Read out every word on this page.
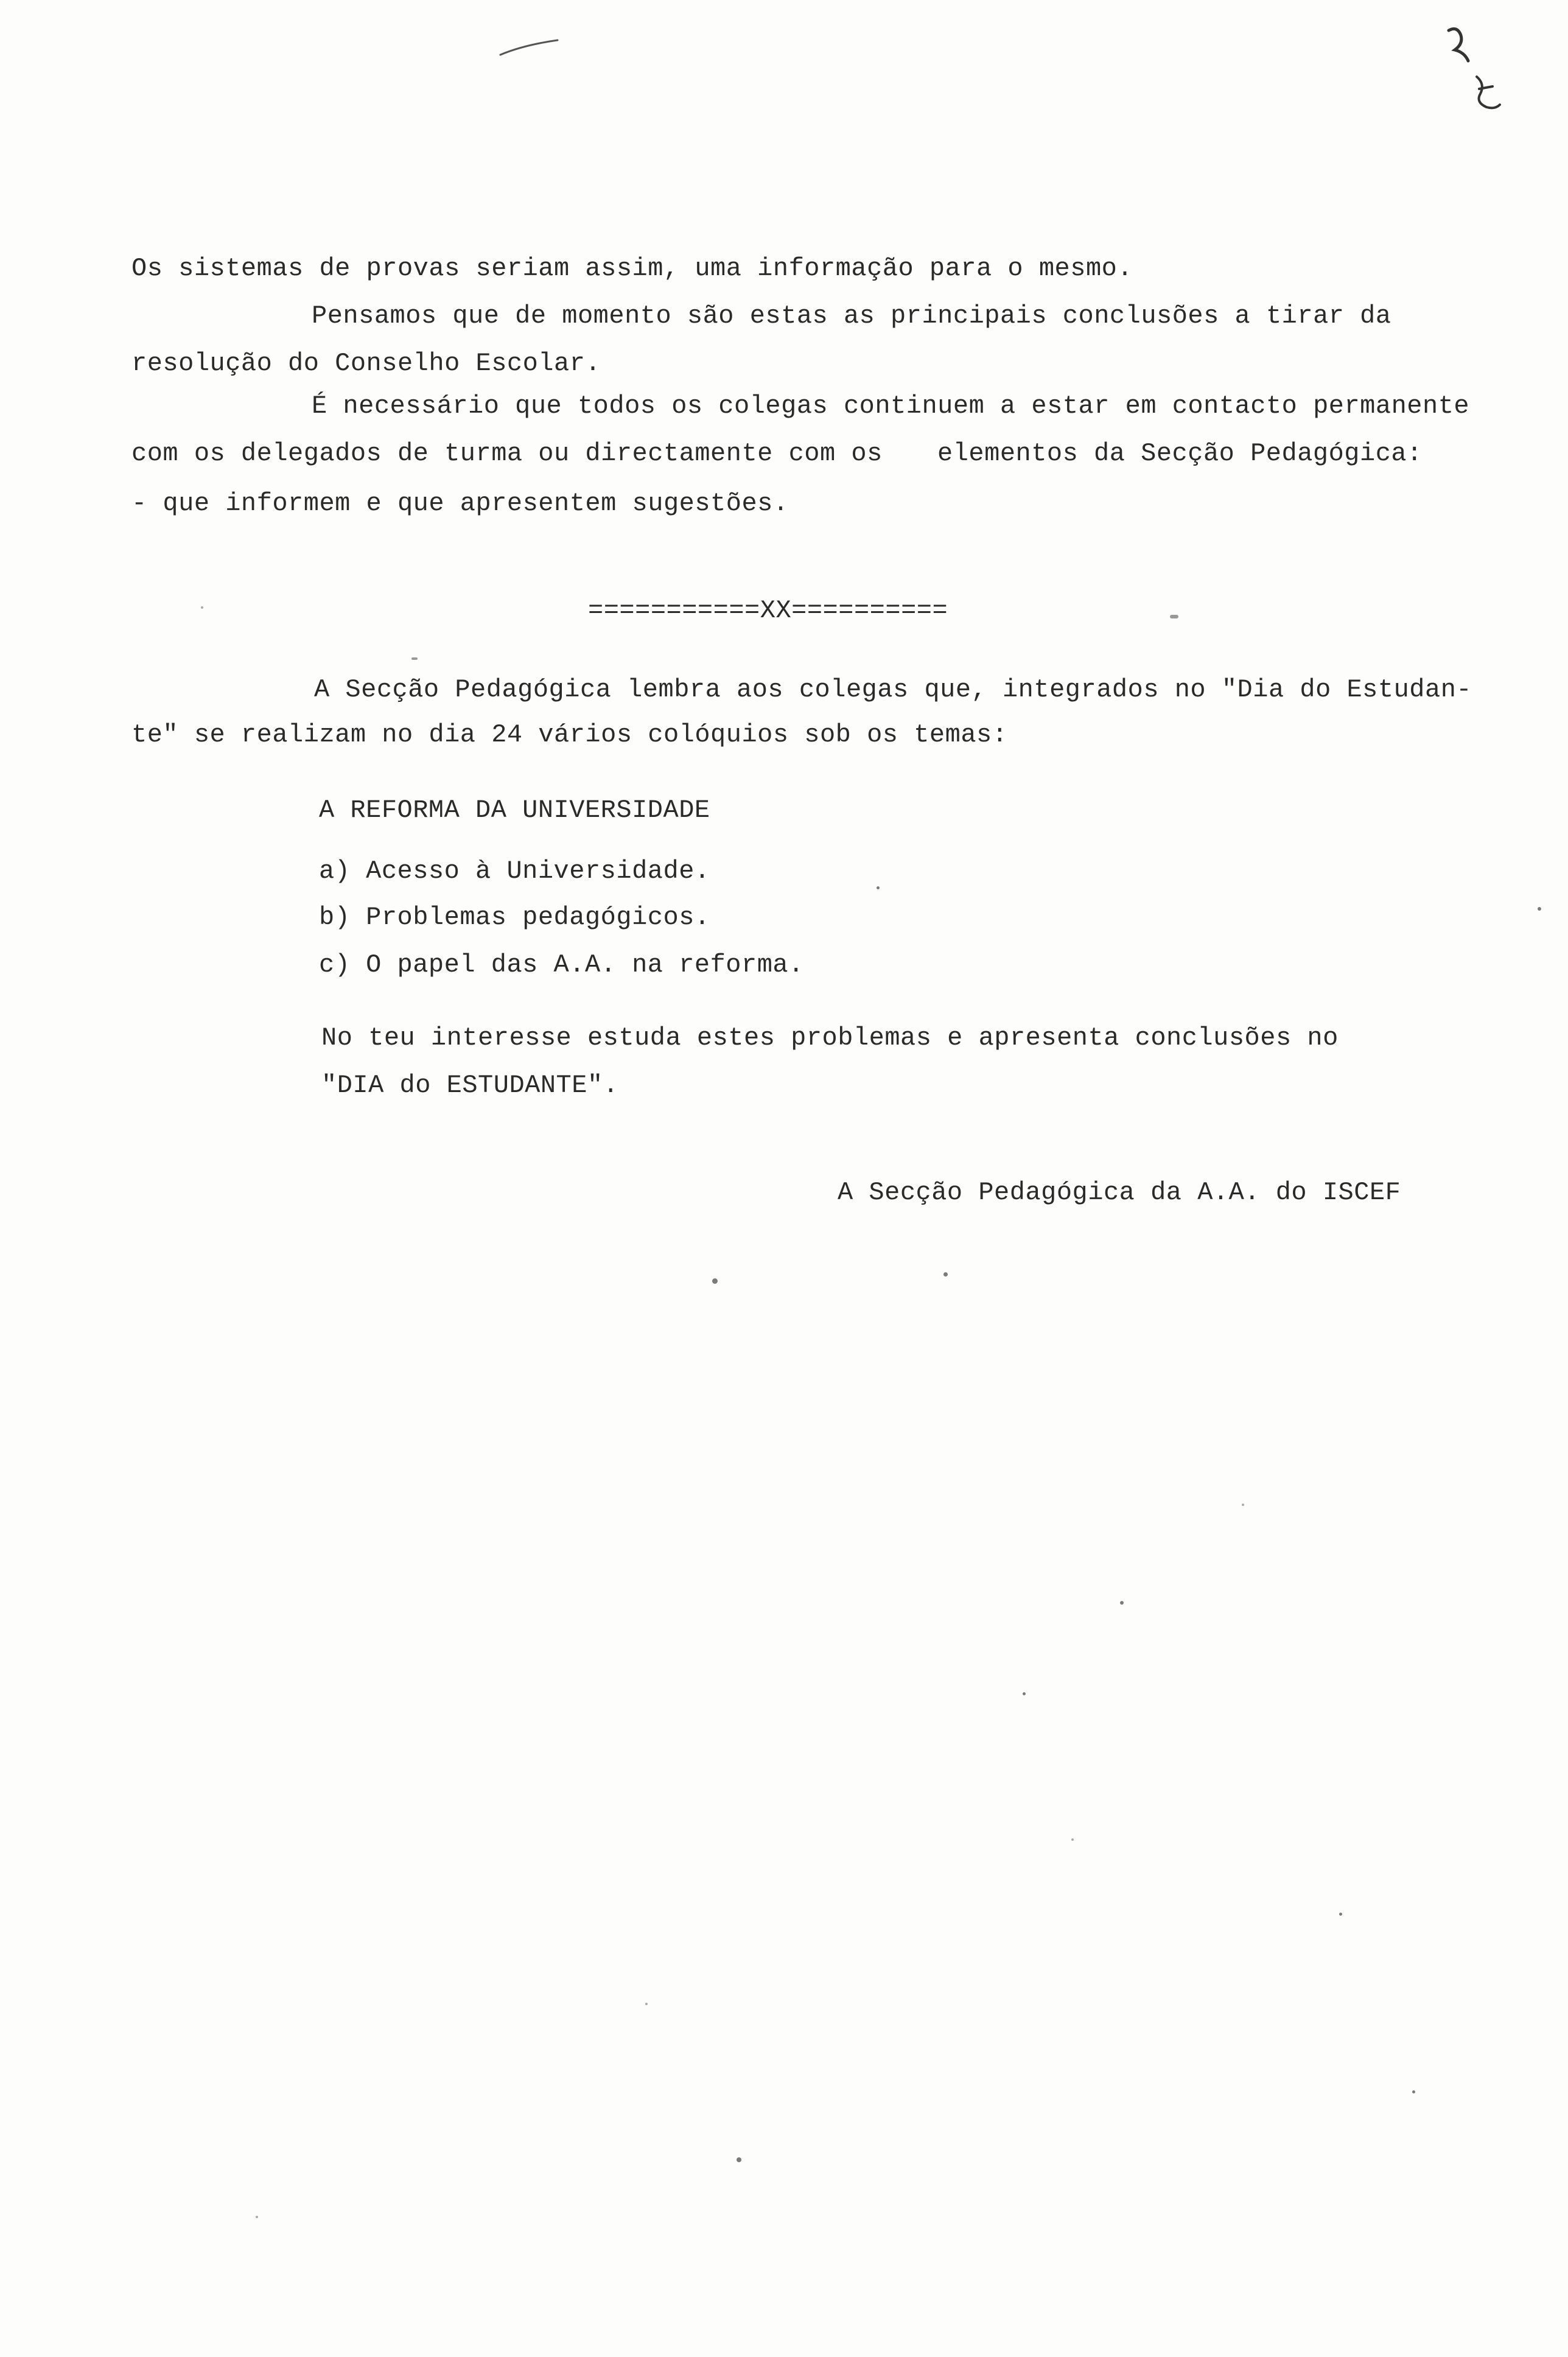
Os sistemas de provas seriam assim, uma informação para o mesmo.
Pensamos que de momento são estas as principais conclusões a tirar da
resolução do Conselho Escolar.
É necessário que todos os colegas continuem a estar em contacto permanente
com os delegados de turma ou directamente com os elementos da Secção Pedagógica:
- que informem e que apresentem sugestões.
===========XX==========
A Secção Pedagógica lembra aos colegas que, integrados no "Dia do Estudan-
te" se realizam no dia 24 vários colóquios sob os temas:
A REFORMA DA UNIVERSIDADE
a) Acesso à Universidade.
b) Problemas pedagógicos.
c) O papel das A.A. na reforma.
No teu interesse estuda estes problemas e apresenta conclusões no
"DIA do ESTUDANTE".
A Secção Pedagógica da A.A. do ISCEF
